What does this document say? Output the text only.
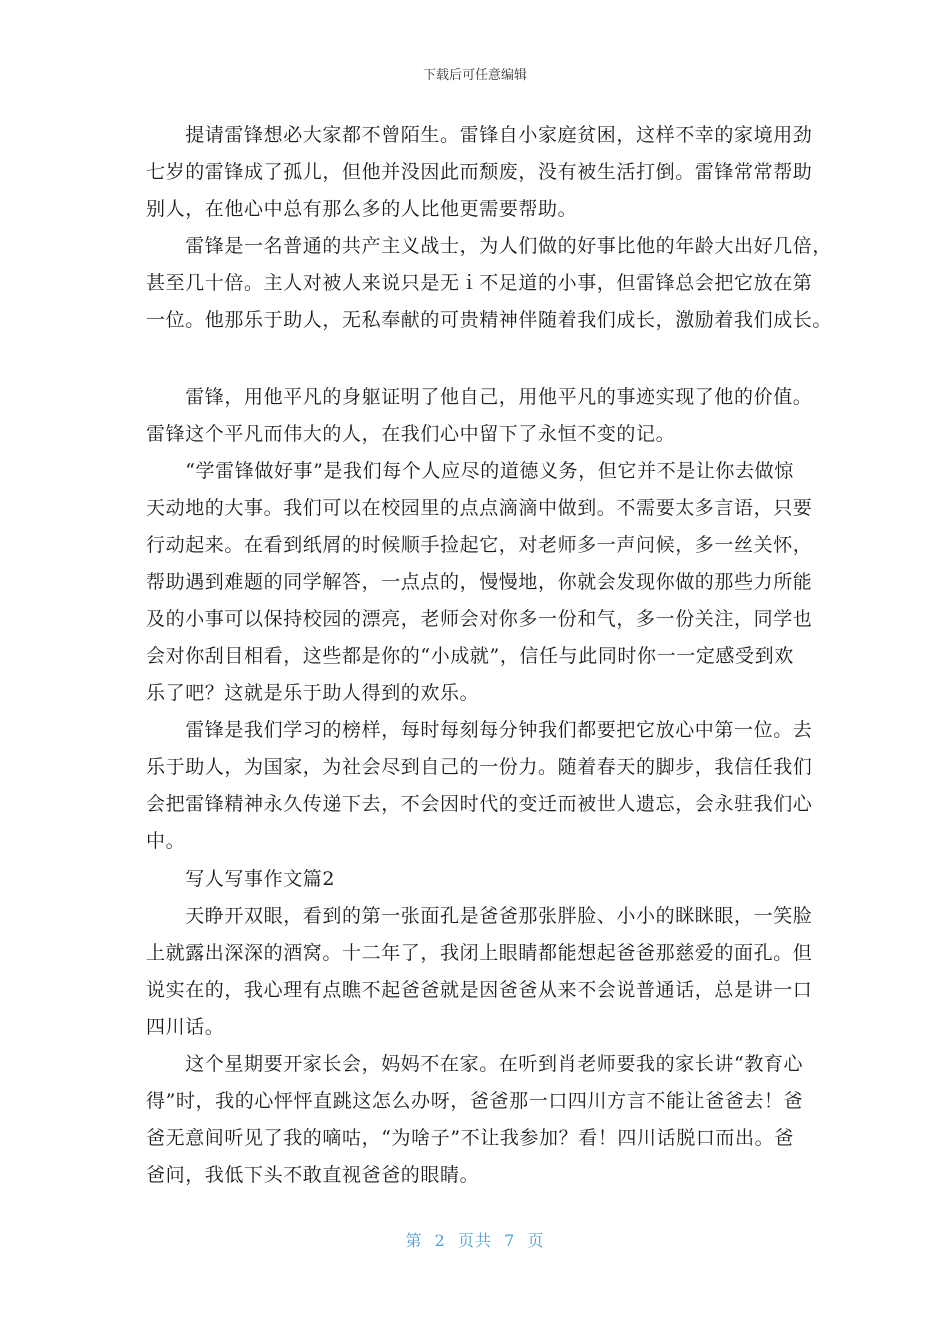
下载后可任意编辑
　　提请雷锋想必大家都不曾陌生。雷锋自小家庭贫困，这样不幸的家境用劲
七岁的雷锋成了孤儿，但他并没因此而颓废，没有被生活打倒。雷锋常常帮助
别人，在他心中总有那么多的人比他更需要帮助。
　　雷锋是一名普通的共产主义战士，为人们做的好事比他的年龄大出好几倍，
甚至几十倍。主人对被人来说只是无ｉ不足道的小事，但雷锋总会把它放在第
一位。他那乐于助人，无私奉献的可贵精神伴随着我们成长，激励着我们成长。
　　雷锋，用他平凡的身躯证明了他自己，用他平凡的事迹实现了他的价值。
雷锋这个平凡而伟大的人，在我们心中留下了永恒不变的记。
　　“学雷锋做好事”是我们每个人应尽的道德义务，但它并不是让你去做惊
天动地的大事。我们可以在校园里的点点滴滴中做到。不需要太多言语，只要
行动起来。在看到纸屑的时候顺手捡起它，对老师多一声问候，多一丝关怀，
帮助遇到难题的同学解答，一点点的，慢慢地，你就会发现你做的那些力所能
及的小事可以保持校园的漂亮，老师会对你多一份和气，多一份关注，同学也
会对你刮目相看，这些都是你的“小成就”，信任与此同时你一一定感受到欢
乐了吧？这就是乐于助人得到的欢乐。
　　雷锋是我们学习的榜样，每时每刻每分钟我们都要把它放心中第一位。去
乐于助人，为国家，为社会尽到自己的一份力。随着春天的脚步，我信任我们
会把雷锋精神永久传递下去，不会因时代的变迁而被世人遗忘，会永驻我们心
中。
　　写人写事作文篇2
　　天睁开双眼，看到的第一张面孔是爸爸那张胖脸、小小的眯眯眼，一笑脸
上就露出深深的酒窝。十二年了，我闭上眼睛都能想起爸爸那慈爱的面孔。但
说实在的，我心理有点瞧不起爸爸就是因爸爸从来不会说普通话，总是讲一口
四川话。
　　这个星期要开家长会，妈妈不在家。在听到肖老师要我的家长讲“教育心
得”时，我的心怦怦直跳这怎么办呀，爸爸那一口四川方言不能让爸爸去！爸
爸无意间听见了我的嘀咕，“为啥子”不让我参加？看！四川话脱口而出。爸
爸问，我低下头不敢直视爸爸的眼睛。
第  2  页共  7  页
